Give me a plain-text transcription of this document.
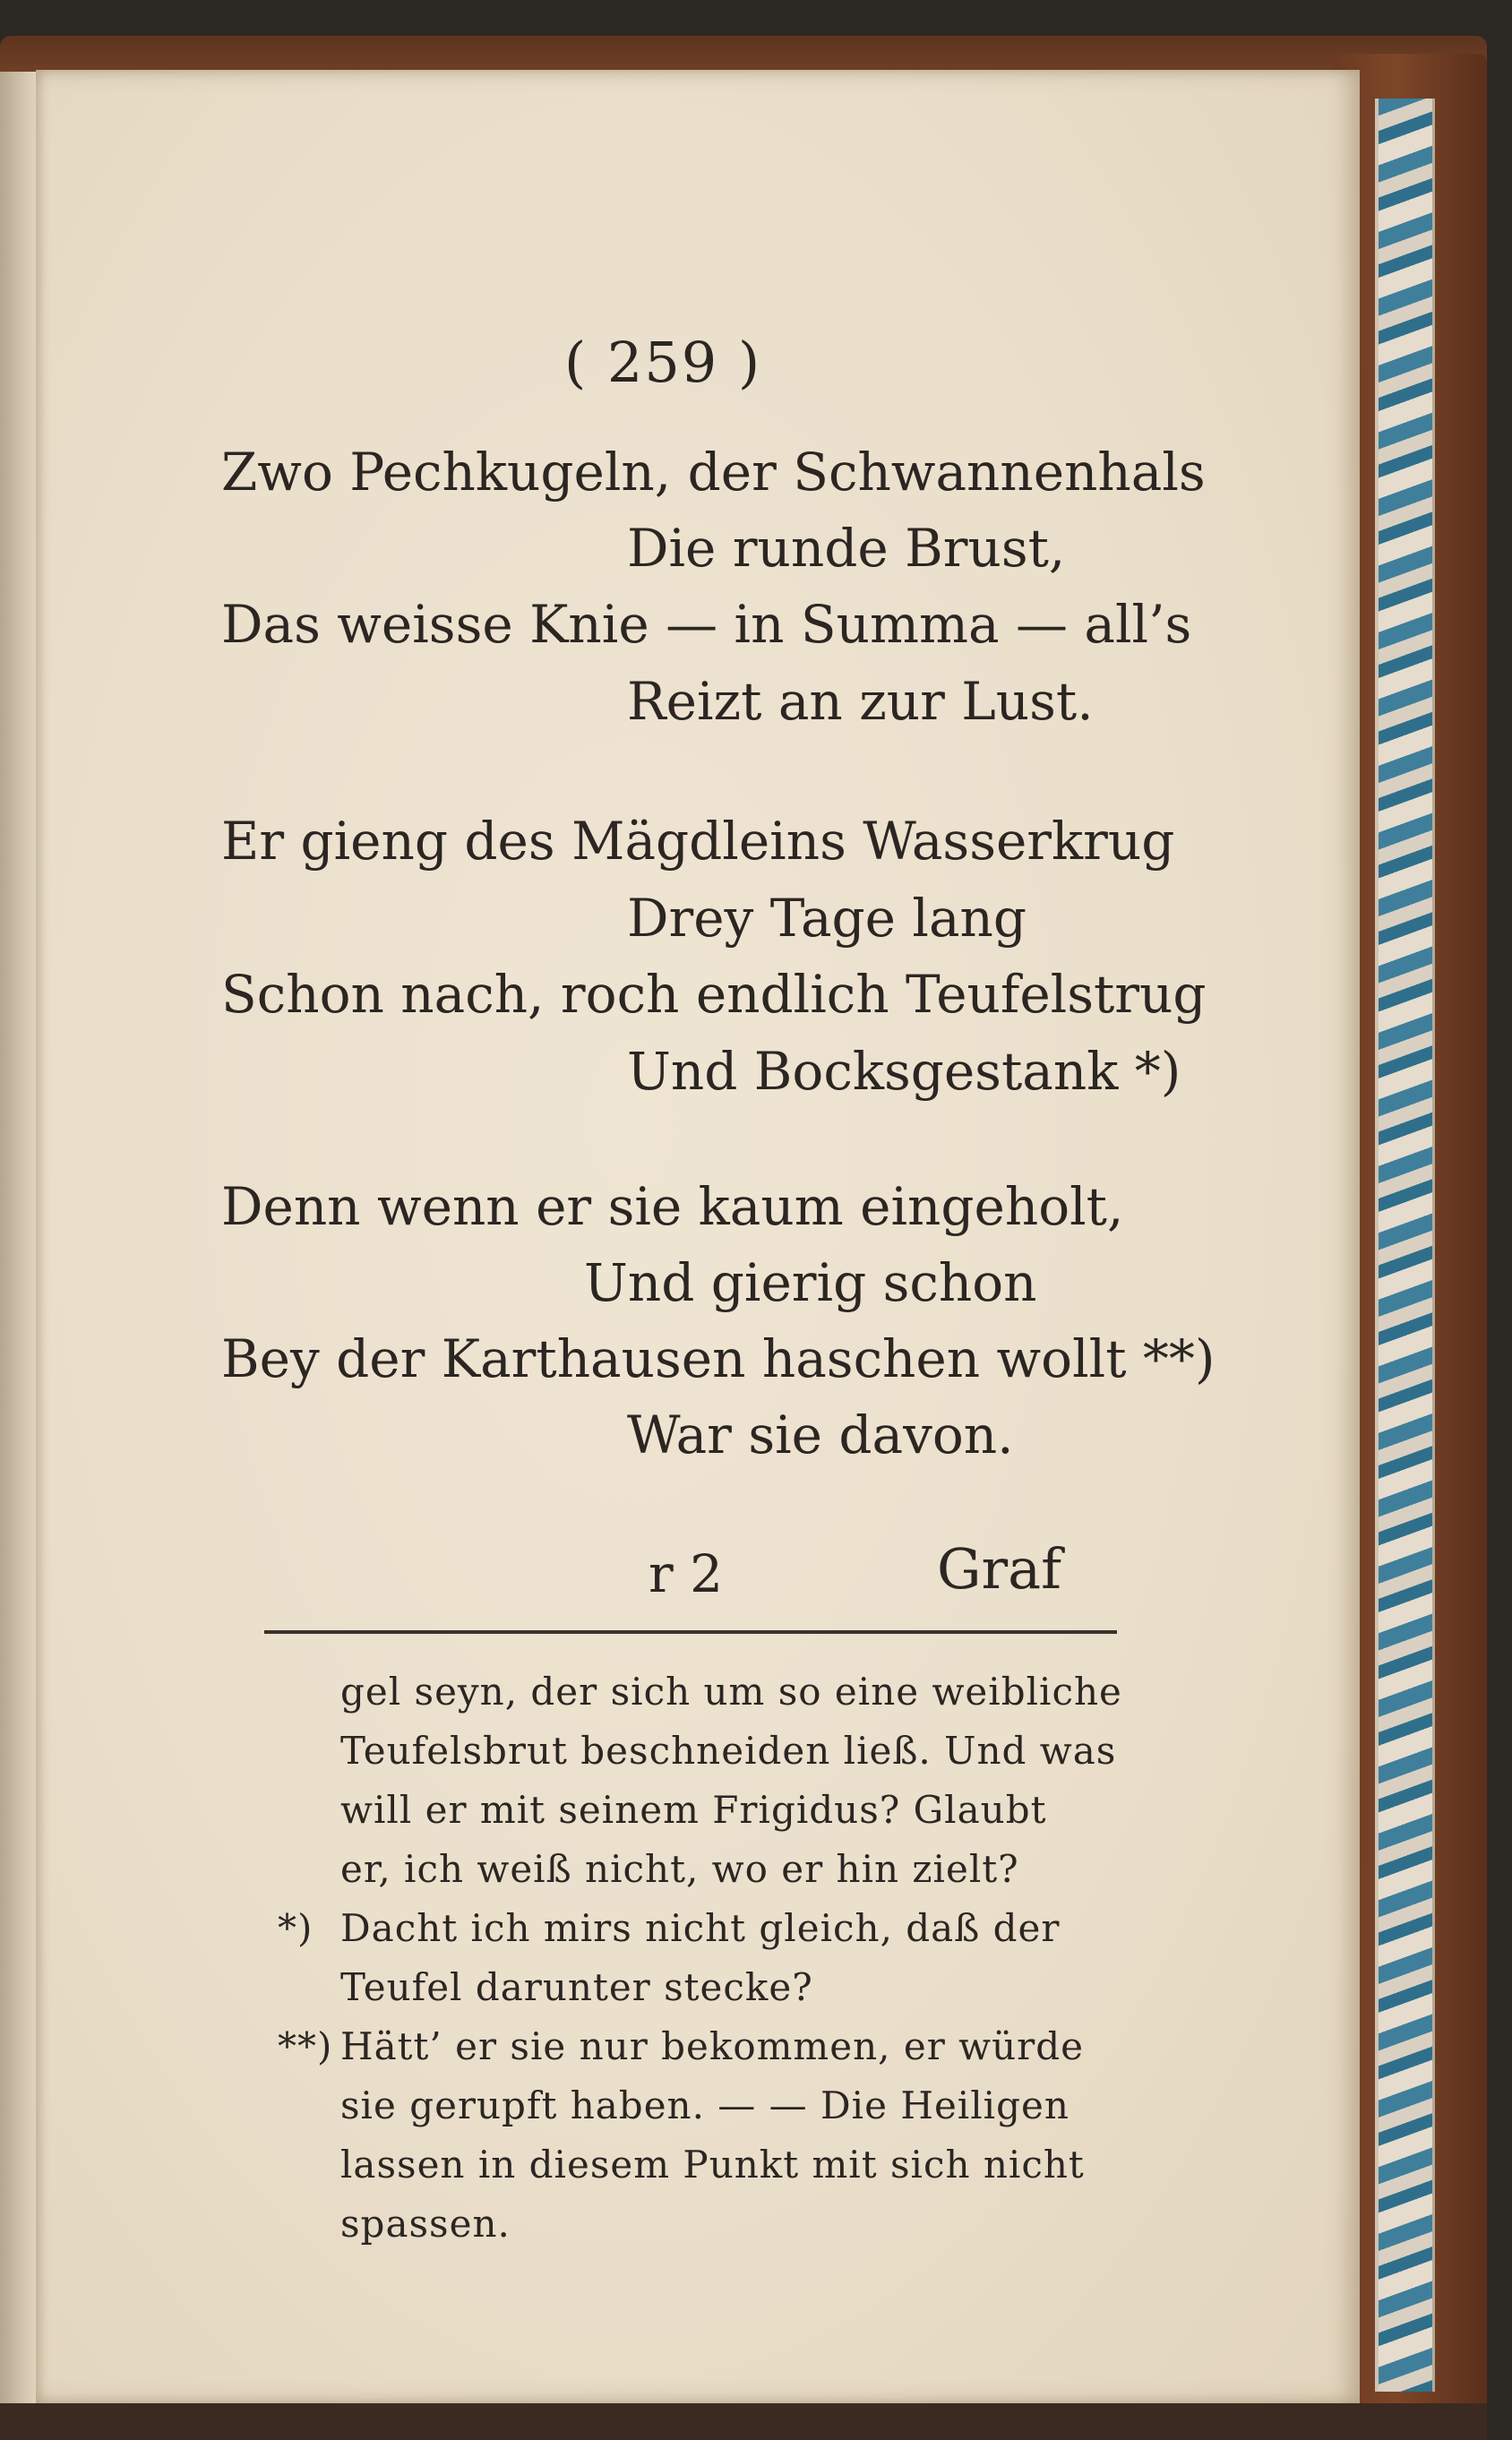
( 259 )

Zwo Pechkugeln, der Schwannenhals

Die runde Brust,

Das weisse Knie — in Summa — all’s

Reizt an zur Lust.

Er gieng des Mägdleins Wasserkrug

Drey Tage lang

Schon nach, roch endlich Teufelstrug

Und Bocksgestank *)

Denn wenn er sie kaum eingeholt,

Und gierig schon

Bey der Karthausen haschen wollt **)

War sie davon.

r 2	Graf

gel seyn, der sich um so eine weibliche

Teufelsbrut beschneiden ließ. Und was

will er mit seinem Frigidus? Glaubt

er, ich weiß nicht, wo er hin zielt?

*) Dacht ich mirs nicht gleich, daß der

Teufel darunter stecke?

**) Hätt’ er sie nur bekommen, er würde

sie gerupft haben. — — Die Heiligen

lassen in diesem Punkt mit sich nicht

spassen.
